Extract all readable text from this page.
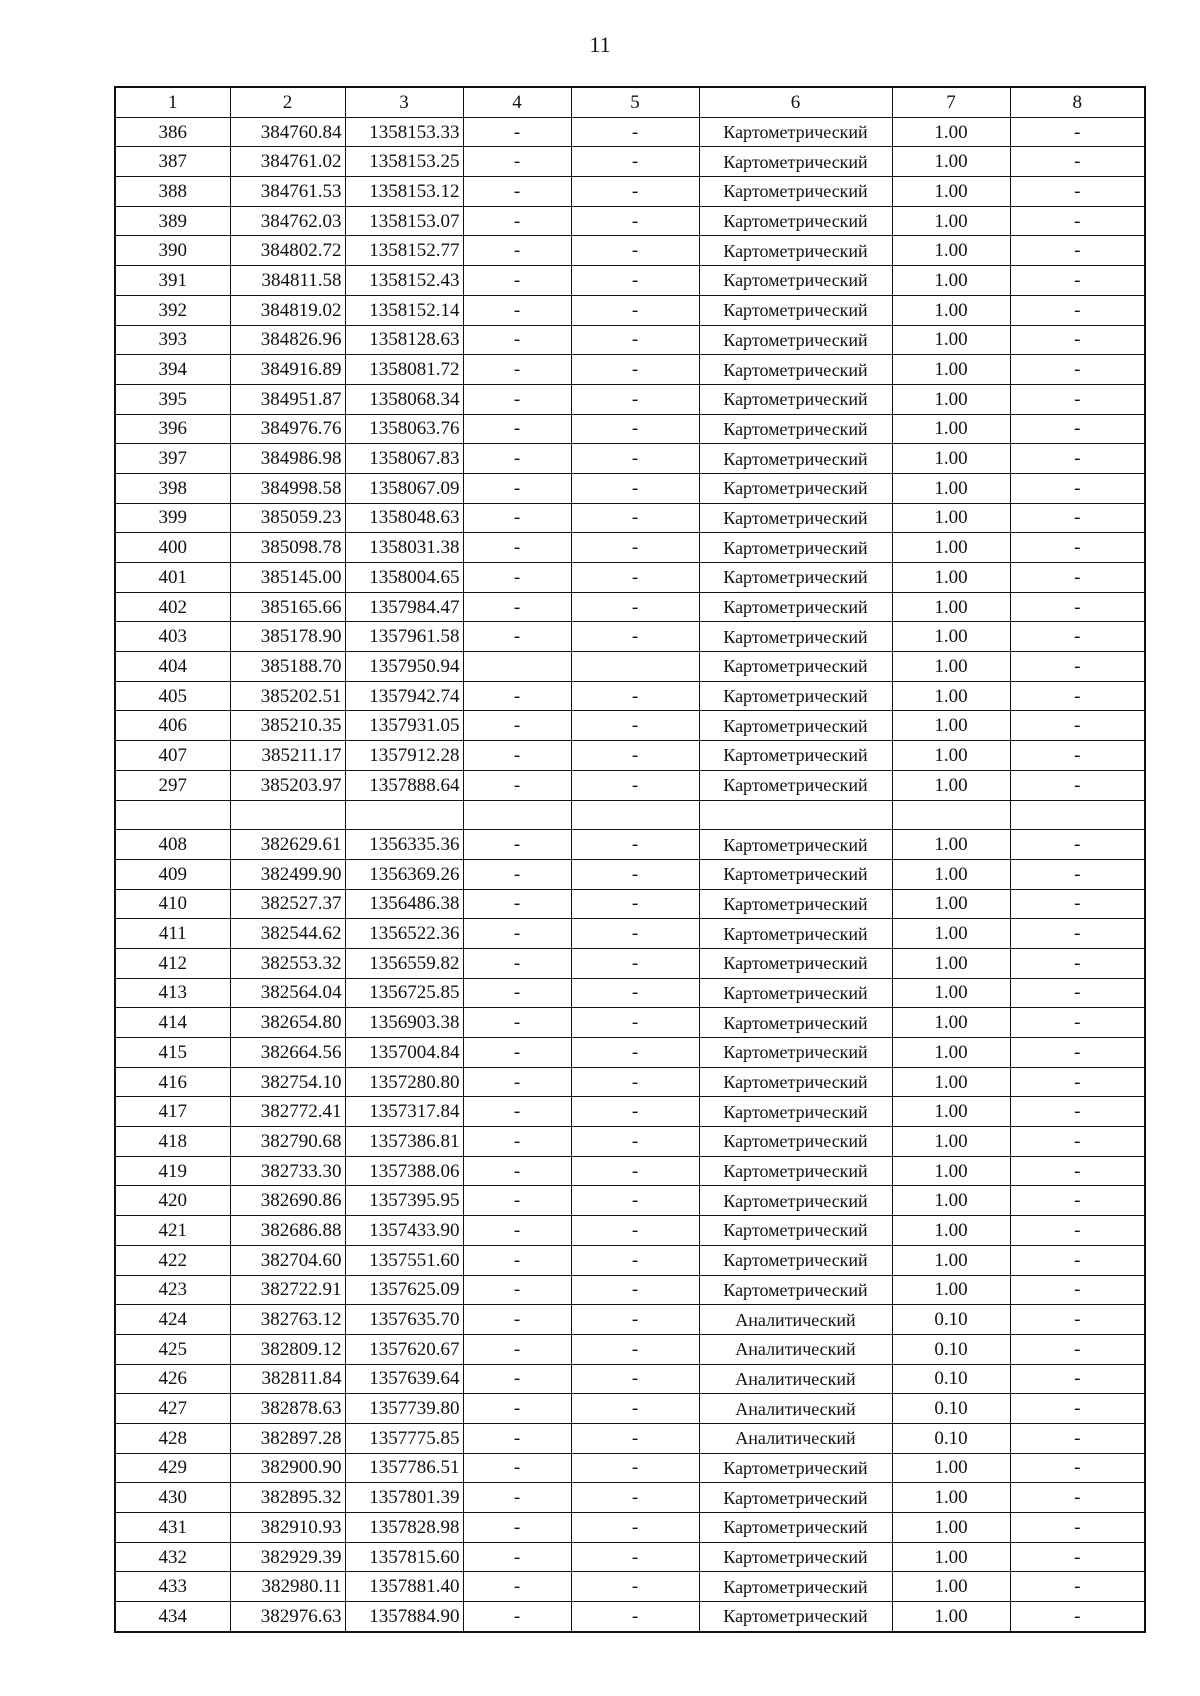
11
1	2	3	4	5	6	7	8
386	384760.84	1358153.33	-	-	Картометрический	1.00	-
387	384761.02	1358153.25	-	-	Картометрический	1.00	-
388	384761.53	1358153.12	-	-	Картометрический	1.00	-
389	384762.03	1358153.07	-	-	Картометрический	1.00	-
390	384802.72	1358152.77	-	-	Картометрический	1.00	-
391	384811.58	1358152.43	-	-	Картометрический	1.00	-
392	384819.02	1358152.14	-	-	Картометрический	1.00	-
393	384826.96	1358128.63	-	-	Картометрический	1.00	-
394	384916.89	1358081.72	-	-	Картометрический	1.00	-
395	384951.87	1358068.34	-	-	Картометрический	1.00	-
396	384976.76	1358063.76	-	-	Картометрический	1.00	-
397	384986.98	1358067.83	-	-	Картометрический	1.00	-
398	384998.58	1358067.09	-	-	Картометрический	1.00	-
399	385059.23	1358048.63	-	-	Картометрический	1.00	-
400	385098.78	1358031.38	-	-	Картометрический	1.00	-
401	385145.00	1358004.65	-	-	Картометрический	1.00	-
402	385165.66	1357984.47	-	-	Картометрический	1.00	-
403	385178.90	1357961.58	-	-	Картометрический	1.00	-
404	385188.70	1357950.94			Картометрический	1.00	-
405	385202.51	1357942.74	-	-	Картометрический	1.00	-
406	385210.35	1357931.05	-	-	Картометрический	1.00	-
407	385211.17	1357912.28	-	-	Картометрический	1.00	-
297	385203.97	1357888.64	-	-	Картометрический	1.00	-

408	382629.61	1356335.36	-	-	Картометрический	1.00	-
409	382499.90	1356369.26	-	-	Картометрический	1.00	-
410	382527.37	1356486.38	-	-	Картометрический	1.00	-
411	382544.62	1356522.36	-	-	Картометрический	1.00	-
412	382553.32	1356559.82	-	-	Картометрический	1.00	-
413	382564.04	1356725.85	-	-	Картометрический	1.00	-
414	382654.80	1356903.38	-	-	Картометрический	1.00	-
415	382664.56	1357004.84	-	-	Картометрический	1.00	-
416	382754.10	1357280.80	-	-	Картометрический	1.00	-
417	382772.41	1357317.84	-	-	Картометрический	1.00	-
418	382790.68	1357386.81	-	-	Картометрический	1.00	-
419	382733.30	1357388.06	-	-	Картометрический	1.00	-
420	382690.86	1357395.95	-	-	Картометрический	1.00	-
421	382686.88	1357433.90	-	-	Картометрический	1.00	-
422	382704.60	1357551.60	-	-	Картометрический	1.00	-
423	382722.91	1357625.09	-	-	Картометрический	1.00	-
424	382763.12	1357635.70	-	-	Аналитический	0.10	-
425	382809.12	1357620.67	-	-	Аналитический	0.10	-
426	382811.84	1357639.64	-	-	Аналитический	0.10	-
427	382878.63	1357739.80	-	-	Аналитический	0.10	-
428	382897.28	1357775.85	-	-	Аналитический	0.10	-
429	382900.90	1357786.51	-	-	Картометрический	1.00	-
430	382895.32	1357801.39	-	-	Картометрический	1.00	-
431	382910.93	1357828.98	-	-	Картометрический	1.00	-
432	382929.39	1357815.60	-	-	Картометрический	1.00	-
433	382980.11	1357881.40	-	-	Картометрический	1.00	-
434	382976.63	1357884.90	-	-	Картометрический	1.00	-
